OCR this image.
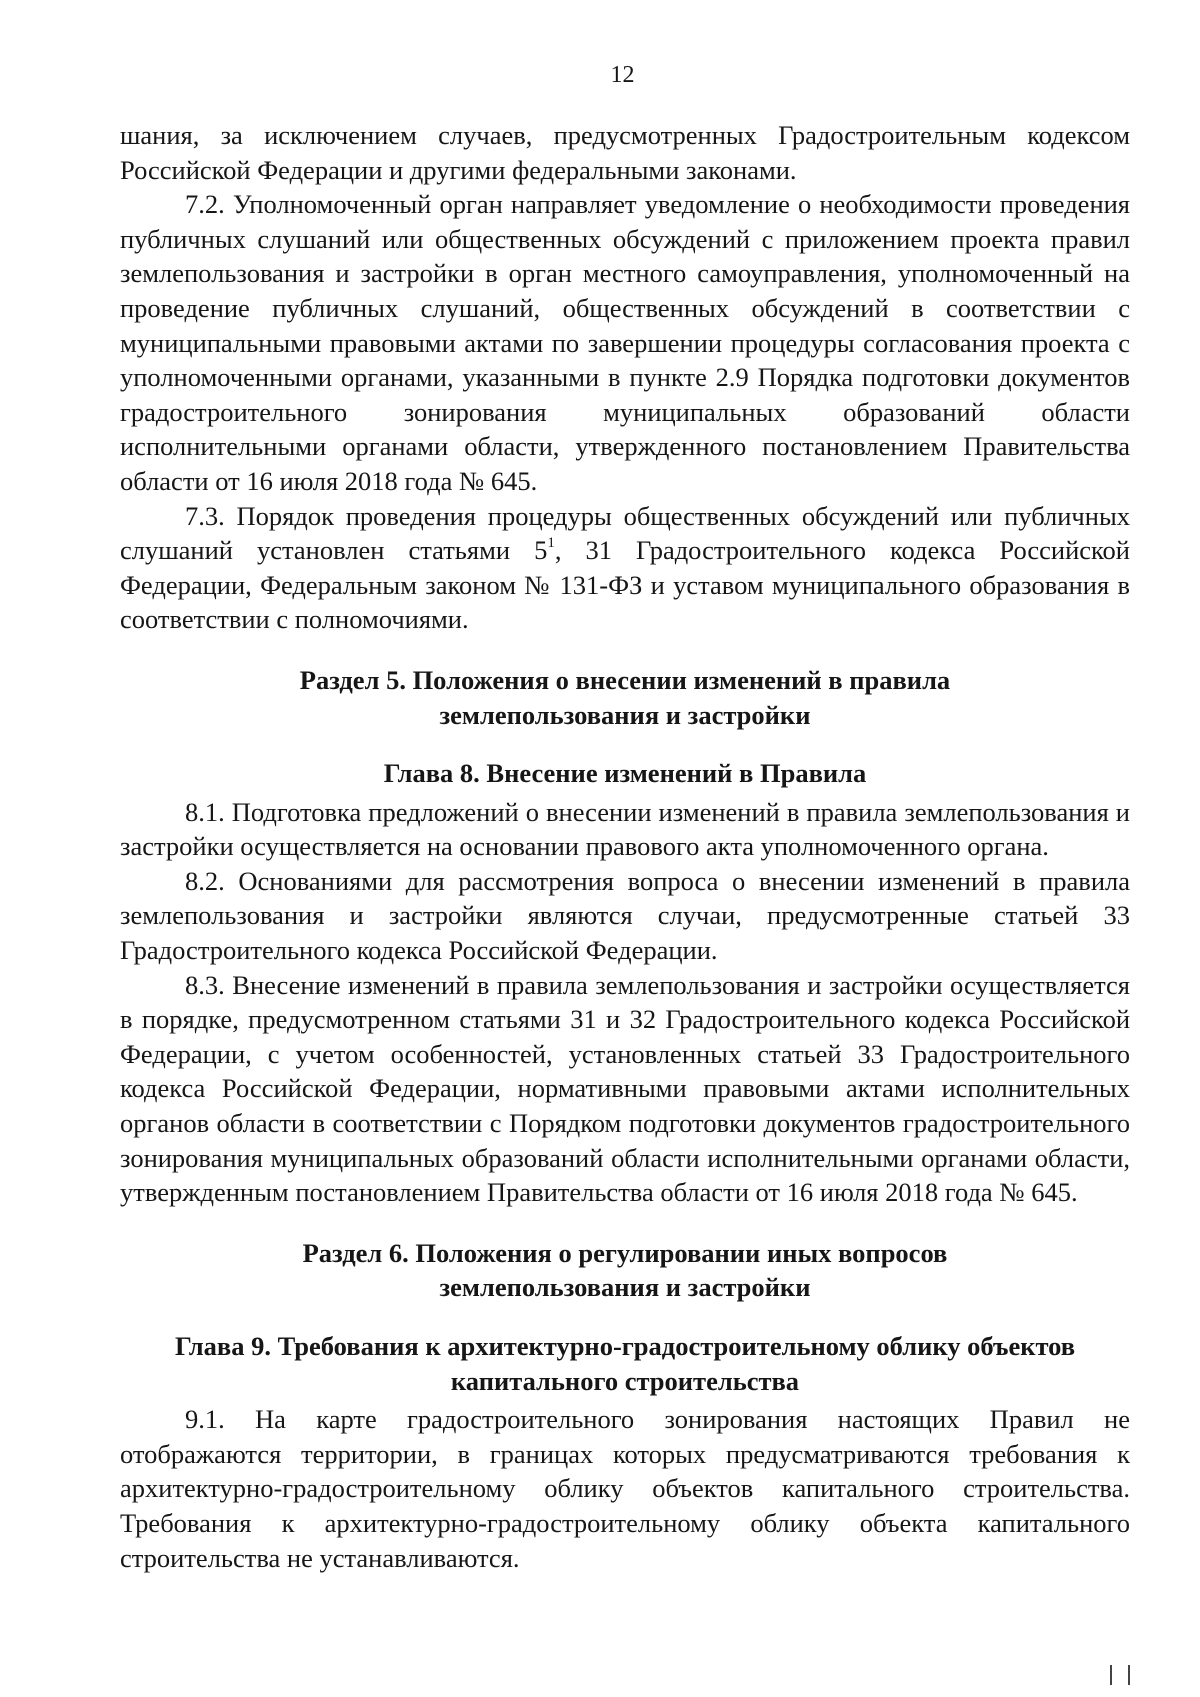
12

шания, за исключением случаев, предусмотренных Градостроительным кодексом Российской Федерации и другими федеральными законами.

7.2. Уполномоченный орган направляет уведомление о необходимости проведения публичных слушаний или общественных обсуждений с приложением проекта правил землепользования и застройки в орган местного самоуправления, уполномоченный на проведение публичных слушаний, общественных обсуждений в соответствии с муниципальными правовыми актами по завершении процедуры согласования проекта с уполномоченными органами, указанными в пункте 2.9 Порядка подготовки документов градостроительного зонирования муниципальных образований области исполнительными органами области, утвержденного постановлением Правительства области от 16 июля 2018 года № 645.

7.3. Порядок проведения процедуры общественных обсуждений или публичных слушаний установлен статьями $5^1$, 31 Градостроительного кодекса Российской Федерации, Федеральным законом № 131-ФЗ и уставом муниципального образования в соответствии с полномочиями.

Раздел 5. Положения о внесении изменений в правила
землепользования и застройки
Глава 8. Внесение изменений в Правила

8.1. Подготовка предложений о внесении изменений в правила землепользования и застройки осуществляется на основании правового акта уполномоченного органа.

8.2. Основаниями для рассмотрения вопроса о внесении изменений в правила землепользования и застройки являются случаи, предусмотренные статьей 33 Градостроительного кодекса Российской Федерации.

8.3. Внесение изменений в правила землепользования и застройки осуществляется в порядке, предусмотренном статьями 31 и 32 Градостроительного кодекса Российской Федерации, с учетом особенностей, установленных статьей 33 Градостроительного кодекса Российской Федерации, нормативными правовыми актами исполнительных органов области в соответствии с Порядком подготовки документов градостроительного зонирования муниципальных образований области исполнительными органами области, утвержденным постановлением Правительства области от 16 июля 2018 года № 645.

Раздел 6. Положения о регулировании иных вопросов
землепользования и застройки
Глава 9. Требования к архитектурно-градостроительному облику объектов
капитального строительства

9.1. На карте градостроительного зонирования настоящих Правил не отображаются территории, в границах которых предусматриваются требования к архитектурно-градостроительному облику объектов капитального строительства. Требования к архитектурно-градостроительному облику объекта капитального строительства не устанавливаются.
